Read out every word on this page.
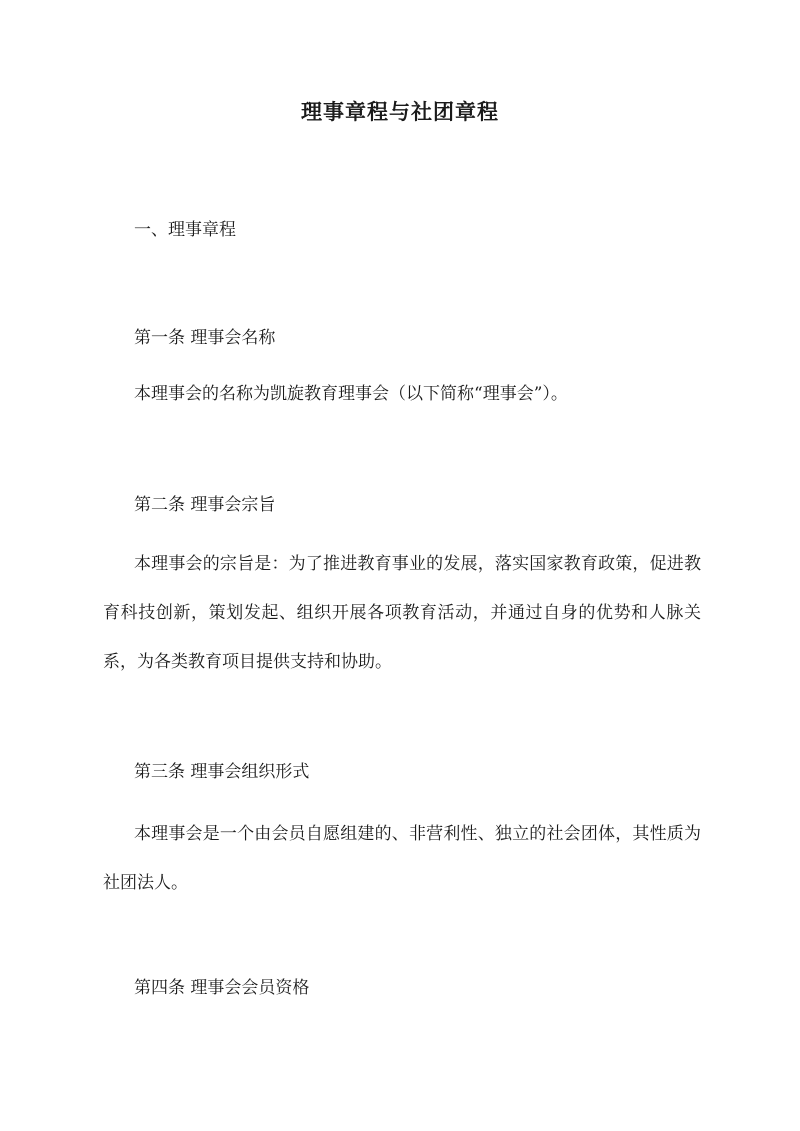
理事章程与社团章程
一、理事章程
第一条 理事会名称
本理事会的名称为凯旋教育理事会（以下简称“理事会”）。
第二条 理事会宗旨
本理事会的宗旨是：为了推进教育事业的发展，落实国家教育政策，促进教育科技创新，策划发起、组织开展各项教育活动，并通过自身的优势和人脉关系，为各类教育项目提供支持和协助。
第三条 理事会组织形式
本理事会是一个由会员自愿组建的、非营利性、独立的社会团体，其性质为社团法人。
第四条 理事会会员资格
